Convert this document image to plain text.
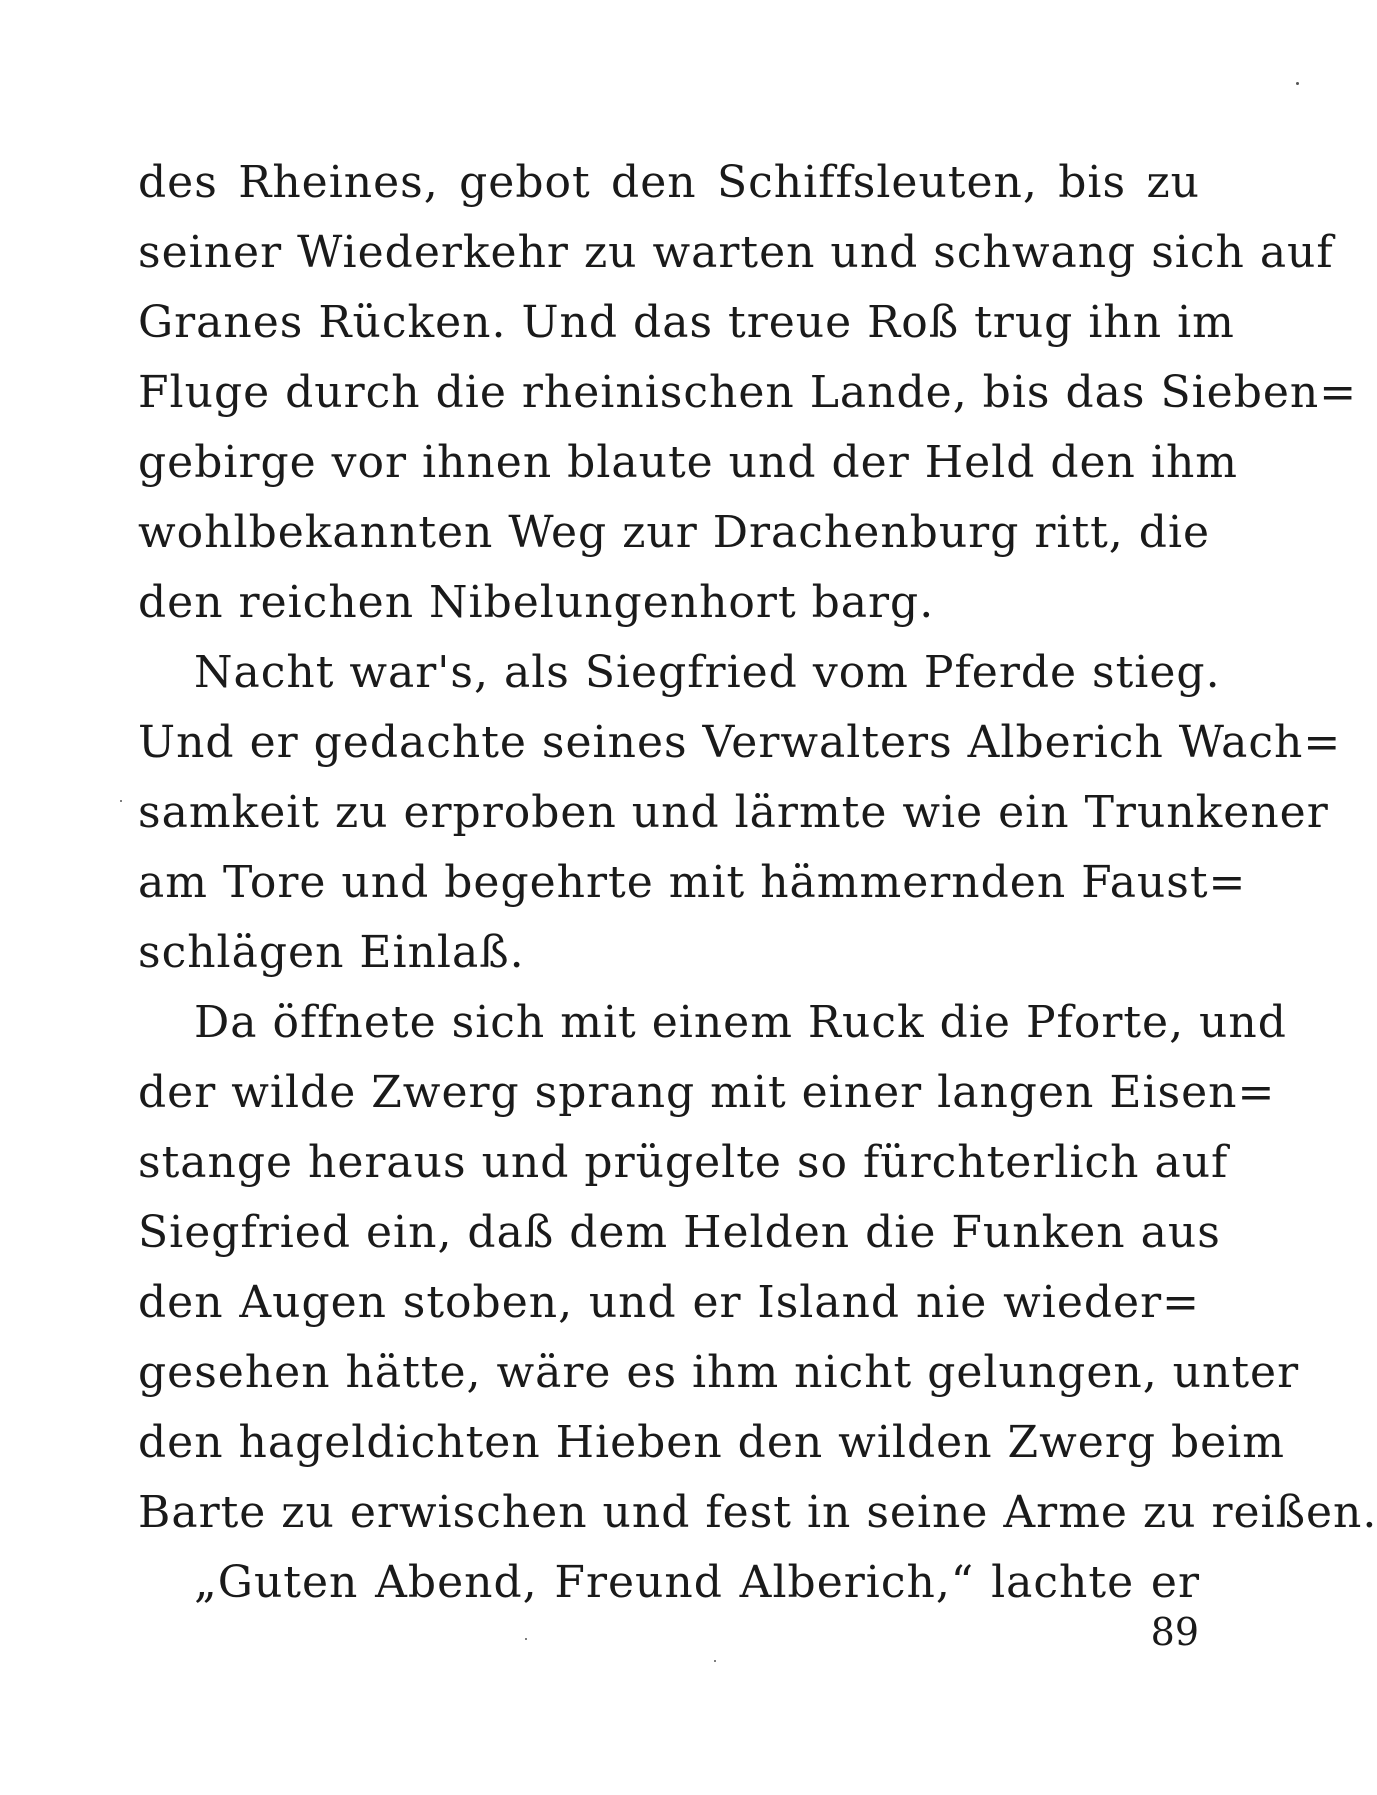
des Rheines, gebot den Schiffsleuten, bis zu
seiner Wiederkehr zu warten und schwang sich auf
Granes Rücken. Und das treue Roß trug ihn im
Fluge durch die rheinischen Lande, bis das Sieben=
gebirge vor ihnen blaute und der Held den ihm
wohlbekannten Weg zur Drachenburg ritt, die
den reichen Nibelungenhort barg.
Nacht war's, als Siegfried vom Pferde stieg.
Und er gedachte seines Verwalters Alberich Wach=
samkeit zu erproben und lärmte wie ein Trunkener
am Tore und begehrte mit hämmernden Faust=
schlägen Einlaß.
Da öffnete sich mit einem Ruck die Pforte, und
der wilde Zwerg sprang mit einer langen Eisen=
stange heraus und prügelte so fürchterlich auf
Siegfried ein, daß dem Helden die Funken aus
den Augen stoben, und er Island nie wieder=
gesehen hätte, wäre es ihm nicht gelungen, unter
den hageldichten Hieben den wilden Zwerg beim
Barte zu erwischen und fest in seine Arme zu reißen.
„Guten Abend, Freund Alberich,“ lachte er
89
